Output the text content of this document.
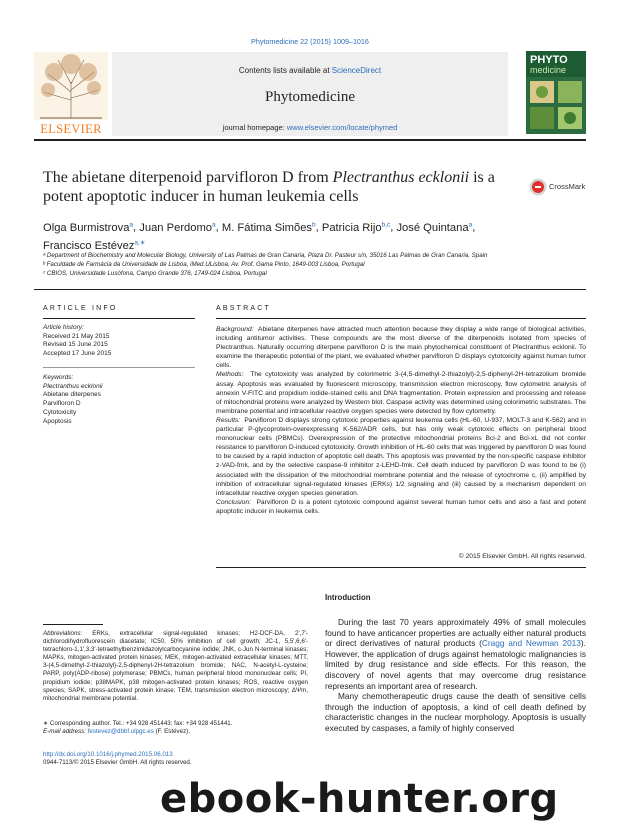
Phytomedicine 22 (2015) 1009–1016
ELSEVIER
Contents lists available at ScienceDirect
Phytomedicine
journal homepage: www.elsevier.com/locate/phymed
PHYTO
medicine
The abietane diterpenoid parvifloron D from Plectranthus ecklonii is a potent apoptotic inducer in human leukemia cells
CrossMark
Olga Burmistrova$^a$, Juan Perdomo$^a$, M. Fátima Simões$^b$, Patricia Rijo$^{b,c}$, José Quintana$^a$,
Francisco Estévez$^{a,∗}$
ᵃ Department of Biochemistry and Molecular Biology, University of Las Palmas de Gran Canaria, Plaza Dr. Pasteur s/n, 35016 Las Palmas de Gran Canaria, Spain
ᵇ Faculdade de Farmácia da Universidade de Lisboa, iMed.ULisboa, Av. Prof. Gama Pinto, 1649-003 Lisboa, Portugal
ᶜ CBIOS, Universidade Lusófona, Campo Grande 376, 1749-024 Lisboa, Portugal
ARTICLE INFO
Article history:
Received 21 May 2015
Revised 15 June 2015
Accepted 17 June 2015
Keywords:
Plectranthus ecklonii
Abietane diterpenes
Parvifloron D
Cytotoxicity
Apoptosis
ABSTRACT

Background: Abietane diterpenes have attracted much attention because they display a wide range of biological activities, including antitumor activities. These compounds are the most diverse of the diterpenoids isolated from species of Plectranthus. Naturally occurring diterpene parvifloron D is the main phytochemical constituent of Plectranthus ecklonii. To examine the therapeutic potential of the plant, we evaluated whether parvifloron D displays cytotoxicity against human tumor cells.

Methods: The cytotoxicity was analyzed by colorimetric 3-(4,5-dimethyl-2-thiazolyl)-2,5-diphenyl-2H-tetrazolium bromide assay. Apoptosis was evaluated by fluorescent microscopy, transmission electron microscopy, flow cytometric analysis of annexin V-FITC and propidium iodide-stained cells and DNA fragmentation. Protein expression and processing and release of mitochondrial proteins were analyzed by Western blot. Caspase activity was determined using colorimetric substrates. The membrane potential and intracellular reactive oxygen species were detected by flow cytometry.

Results: Parvifloron D displays strong cytotoxic properties against leukemia cells (HL-60, U-937, MOLT-3 and K-562) and in particular P-glycoprotein-overexpressing K-562/ADR cells, but has only weak cytotoxic effects on peripheral blood mononuclear cells (PBMCs). Overexpression of the protective mitochondrial proteins Bcl-2 and Bcl-xL did not confer resistance to parvifloron D-induced cytotoxicity. Growth inhibition of HL-60 cells that was triggered by parvifloron D was found to be caused by a rapid induction of apoptotic cell death. This apoptosis was prevented by the non-specific caspase inhibitor z-VAD-fmk, and by the selective caspase-9 inhibitor z-LEHD-fmk. Cell death induced by parvifloron D was found to be (i) associated with the dissipation of the mitochondrial membrane potential and the release of cytochrome c, (ii) amplified by inhibition of extracellular signal-regulated kinases (ERKs) 1/2 signaling and (iii) caused by a mechanism dependent on intracellular reactive oxygen species generation.

Conclusion: Parvifloron D is a potent cytotoxic compound against several human tumor cells and also a fast and potent apoptotic inducer in leukemia cells.

© 2015 Elsevier GmbH. All rights reserved.
Introduction

During the last 70 years approximately 49% of small molecules found to have anticancer properties are actually either natural products or direct derivatives of natural products (Cragg and Newman 2013). However, the application of drugs against hematologic malignancies is limited by drug resistance and side effects. For this reason, the discovery of novel agents that may overcome drug resistance represents an important area of research.

Many chemotherapeutic drugs cause the death of sensitive cells through the induction of apoptosis, a kind of cell death defined by characteristic changes in the nuclear morphology. Apoptosis is usually executed by caspases, a family of highly conserved

Abbreviations: ERKs, extracellular signal-regulated kinases; H2-DCF-DA, 2′,7′-dichlorodihydrofluorescein diacetate; IC50, 50% inhibition of cell growth; JC-1, 5,5′,6,6′-tetrachloro-1,1′,3,3′-tetraethylbenzimidazolylcarbocyanine iodide; JNK, c-Jun N-terminal kinases; MAPKs, mitogen-activated protein kinases; MEK, mitogen-activated extracellular kinases; MTT, 3-(4,5-dimethyl-2-thiazolyl)-2,5-diphenyl-2H-tetrazolium bromide; NAC, N-acetyl-L-cysteine; PARP, poly(ADP-ribose) polymerase; PBMCs, human peripheral blood mononuclear cells; PI, propidium iodide; p38MAPK, p38 mitogen-activated protein kinases; ROS, reactive oxygen species; SAPK, stress-activated protein kinase; TEM, transmission electron microscopy; ΔΨm, mitochondrial membrane potential.
∗ Corresponding author. Tel.: +34 928 451443; fax: +34 928 451441.
E-mail address: festevez@dbbf.ulpgc.es (F. Estévez).
http://dx.doi.org/10.1016/j.phymed.2015.06.013
0944-7113/© 2015 Elsevier GmbH. All rights reserved.
ebook-hunter.org
